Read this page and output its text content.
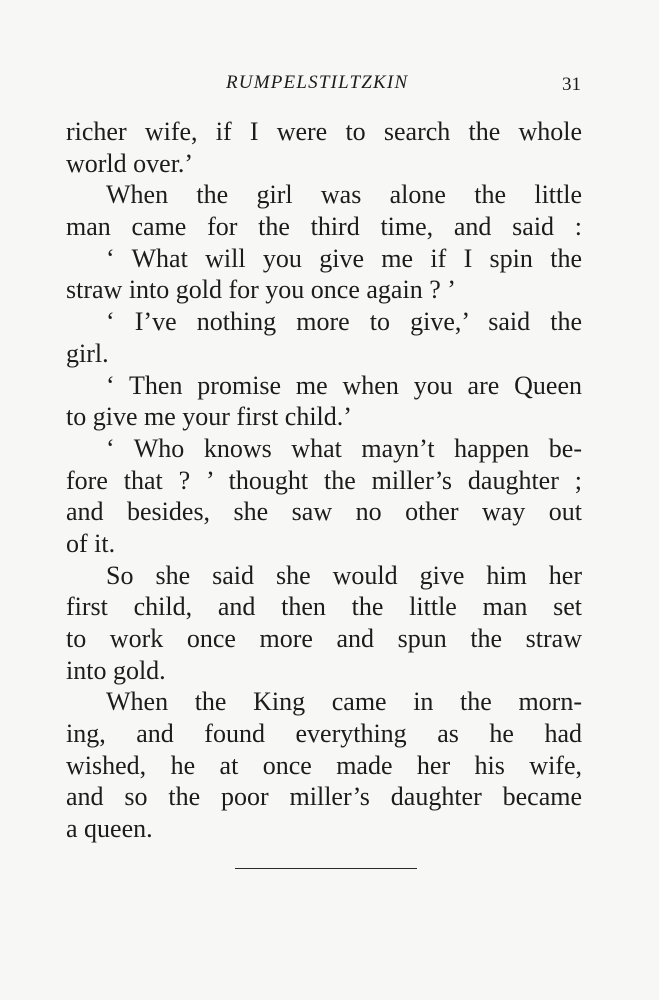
RUMPELSTILTZKIN	31
richer wife, if I were to search the whole
world over.’
When the girl was alone the little
man came for the third time, and said :
‘ What will you give me if I spin the
straw into gold for you once again ? ’
‘ I’ve nothing more to give,’ said the
girl.
‘ Then promise me when you are Queen
to give me your first child.’
‘ Who knows what mayn’t happen be-
fore that ? ’ thought the miller’s daughter ;
and besides, she saw no other way out
of it.
So she said she would give him her
first child, and then the little man set
to work once more and spun the straw
into gold.
When the King came in the morn-
ing, and found everything as he had
wished, he at once made her his wife,
and so the poor miller’s daughter became
a queen.
